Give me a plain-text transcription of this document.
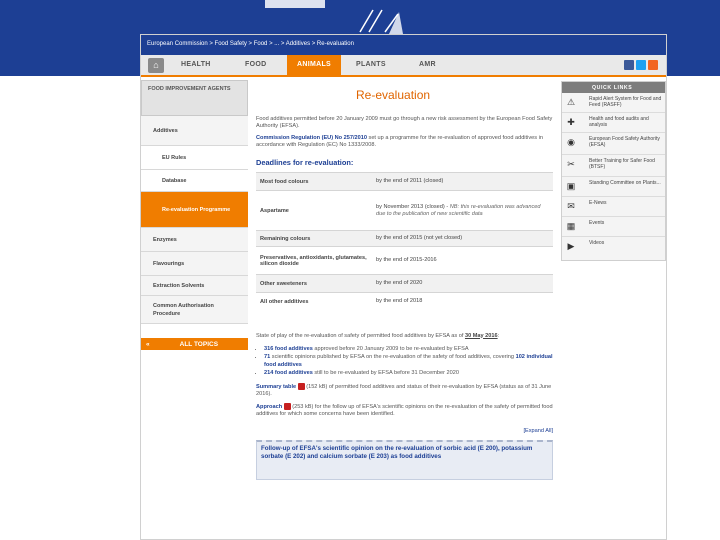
European Commission > Food Safety > Food > ... > Additives > Re-evaluation
⌂	HEALTH	FOOD	ANIMALS	PLANTS	AMR
FOOD IMPROVEMENT AGENTS
Additives
EU Rules
Database
Re-evaluation Programme
Enzymes
Flavourings
Extraction Solvents
Common Authorisation Procedure
«	ALL TOPICS
Re-evaluation
Food additives permitted before 20 January 2009 must go through a new risk assessment by the European Food Safety Authority (EFSA).
Commission Regulation (EU) No 257/2010 set up a programme for the re-evaluation of approved food additives in accordance with Regulation (EC) No 1333/2008.
Deadlines for re-evaluation:
Most food colours	by the end of 2011 (closed)
Aspartame	by November 2013 (closed) - NB: this re-evaluation was advanced due to the publication of new scientific data
Remaining colours	by the end of 2015 (not yet closed)
Preservatives, antioxidants, glutamates, silicon dioxide	by the end of 2015-2016
Other sweeteners	by the end of 2020
All other additives	by the end of 2018
State of play of the re-evaluation of safety of permitted food additives by EFSA as of 30 May 2016:
• 316 food additives approved before 20 January 2009 to be re-evaluated by EFSA
• 71 scientific opinions published by EFSA on the re-evaluation of the safety of food additives, covering 102 individual food additives
• 214 food additives still to be re-evaluated by EFSA before 31 December 2020
Summary table  (152 kB) of permitted food additives and status of their re-evaluation by EFSA (status as of 31 June 2016).
Approach  (253 kB) for the follow up of EFSA's scientific opinions on the re-evaluation of the safety of permitted food additives for which some concerns have been identified.
[Expand All]
Follow-up of EFSA's scientific opinion on the re-evaluation of sorbic acid (E 200), potassium sorbate (E 202) and calcium sorbate (E 203) as food additives
QUICK LINKS
⚠	Rapid Alert System for Food and Feed (RASFF)
✚	Health and food audits and analysis
◉	European Food Safety Authority (EFSA)
✂	Better Training for Safer Food (BTSF)
▣	Standing Committee on Plants...
✉	E-News
▦	Events
▶	Videos
